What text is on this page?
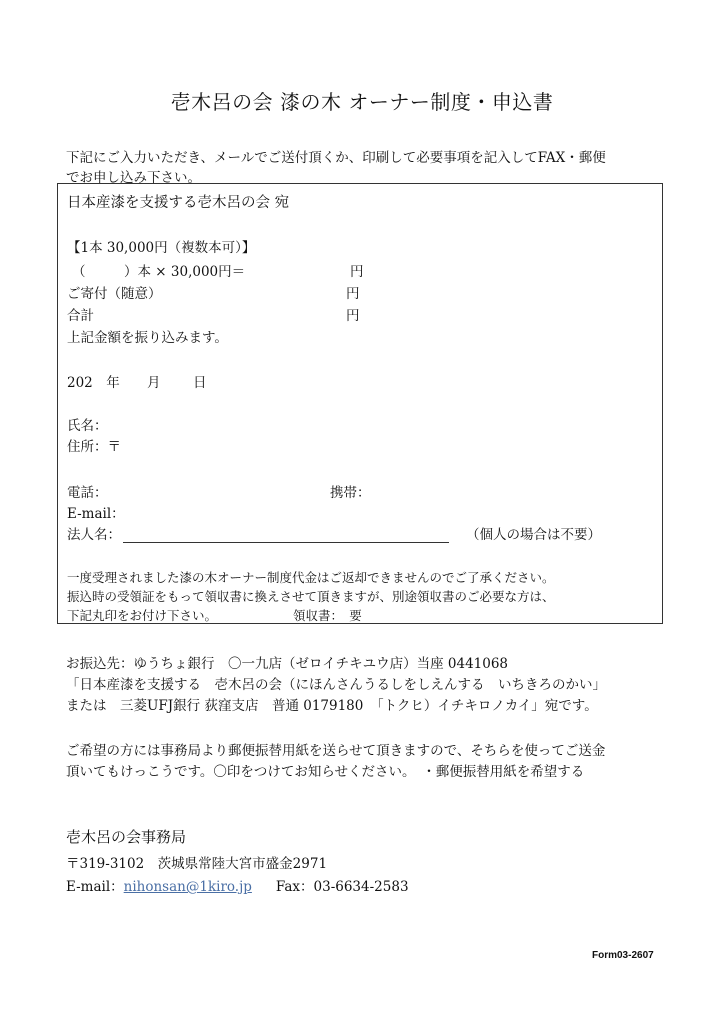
壱木呂の会 漆の木 オーナー制度・申込書
下記にご入力いただき、メールでご送付頂くか、印刷して必要事項を記入してFAX・郵便
でお申し込み下さい。
日本産漆を支援する壱木呂の会 宛
【1本 30,000円（複数本可）】
（	）本 × 30,000円＝	円
ご寄付（随意）	円
合計	円
上記金額を振り込みます。
202　年 月 日
氏名：
住所：〒
電話：	携帯：
E-mail：
法人名：	（個人の場合は不要）
一度受理されました漆の木オーナー制度代金はご返却できませんのでご了承ください。
振込時の受領証をもって領収書に換えさせて頂きますが、別途領収書のご必要な方は、
下記丸印をお付け下さい。	領収書：　要
お振込先：ゆうちょ銀行　〇一九店（ゼロイチキユウ店）当座 0441068
「日本産漆を支援する　壱木呂の会（にほんさんうるしをしえんする　いちきろのかい」
または　三菱UFJ銀行 荻窪支店　普通 0179180　「トクヒ）イチキロノカイ」宛です。
ご希望の方には事務局より郵便振替用紙を送らせて頂きますので、そちらを使ってご送金
頂いてもけっこうです。〇印をつけてお知らせください。　・郵便振替用紙を希望する
壱木呂の会事務局
〒319-3102　茨城県常陸大宮市盛金2971
E-mail：nihonsan@1kiro.jp Fax：03-6634-2583
Form03-2607
